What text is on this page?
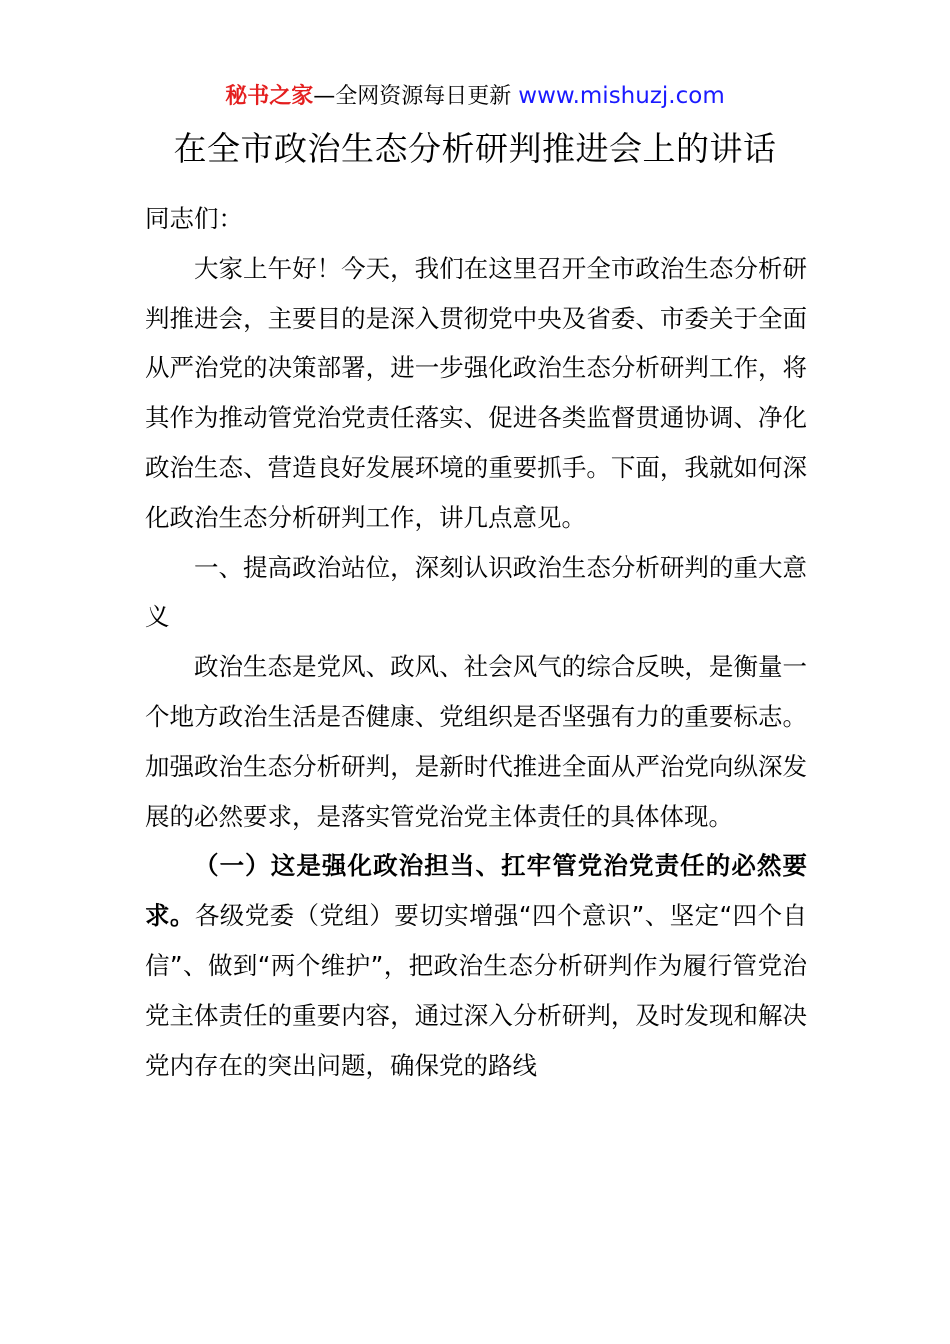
秘书之家—全网资源每日更新 www.mishuzj.com
在全市政治生态分析研判推进会上的讲话

同志们：

大家上午好！今天，我们在这里召开全市政治生态分析研判推进会，主要目的是深入贯彻党中央及省委、市委关于全面从严治党的决策部署，进一步强化政治生态分析研判工作，将其作为推动管党治党责任落实、促进各类监督贯通协调、净化政治生态、营造良好发展环境的重要抓手。下面，我就如何深化政治生态分析研判工作，讲几点意见。

一、提高政治站位，深刻认识政治生态分析研判的重大意义

政治生态是党风、政风、社会风气的综合反映，是衡量一个地方政治生活是否健康、党组织是否坚强有力的重要标志。加强政治生态分析研判，是新时代推进全面从严治党向纵深发展的必然要求，是落实管党治党主体责任的具体体现。

（一）这是强化政治担当、扛牢管党治党责任的必然要求。各级党委（党组）要切实增强“四个意识”、坚定“四个自信”、做到“两个维护”，把政治生态分析研判作为履行管党治党主体责任的重要内容，通过深入分析研判，及时发现和解决党内存在的突出问题，确保党的路线
